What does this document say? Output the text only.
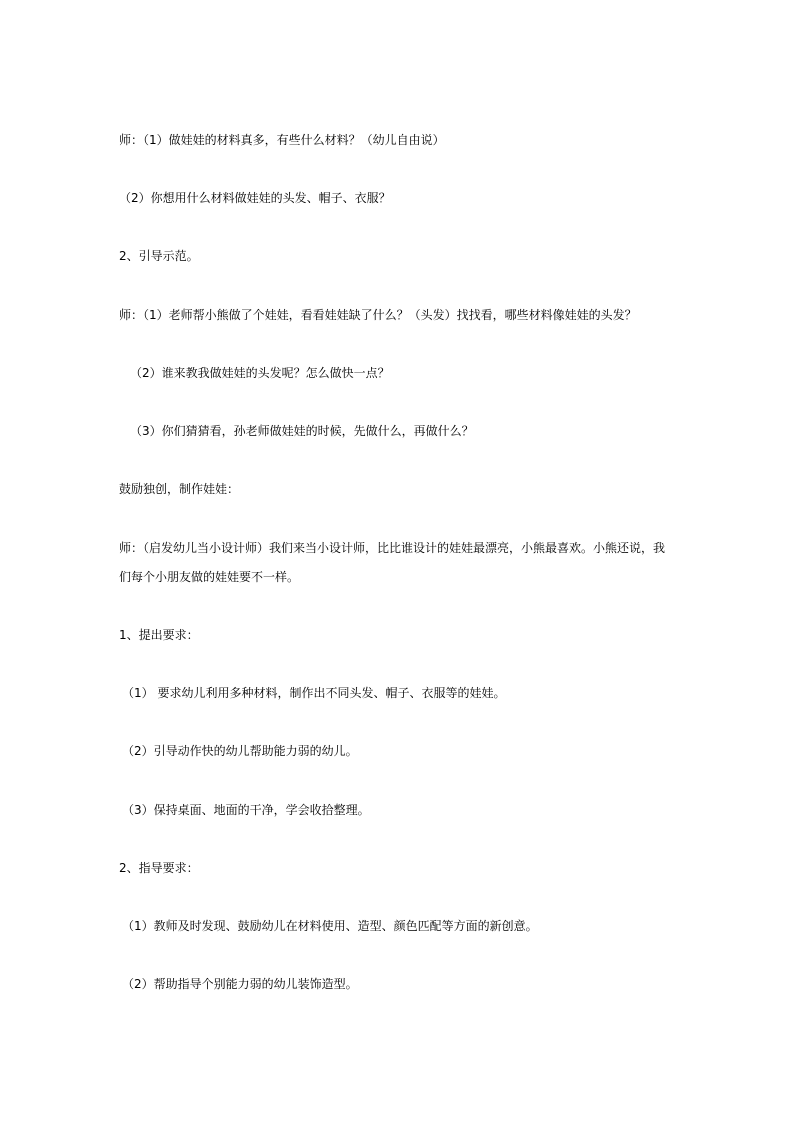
师：（1）做娃娃的材料真多，有些什么材料？（幼儿自由说）
（2）你想用什么材料做娃娃的头发、帽子、衣服？
2、引导示范。
师：（1）老师帮小熊做了个娃娃，看看娃娃缺了什么？（头发）找找看，哪些材料像娃娃的头发？
（2）谁来教我做娃娃的头发呢？怎么做快一点？
（3）你们猜猜看，孙老师做娃娃的时候，先做什么，再做什么？
鼓励独创，制作娃娃：
师：（启发幼儿当小设计师）我们来当小设计师，比比谁设计的娃娃最漂亮，小熊最喜欢。小熊还说，我
们每个小朋友做的娃娃要不一样。
1、提出要求：
（1） 要求幼儿利用多种材料，制作出不同头发、帽子、衣服等的娃娃。
（2）引导动作快的幼儿帮助能力弱的幼儿。
（3）保持桌面、地面的干净，学会收拾整理。
2、指导要求：
（1）教师及时发现、鼓励幼儿在材料使用、造型、颜色匹配等方面的新创意。
（2）帮助指导个别能力弱的幼儿装饰造型。
